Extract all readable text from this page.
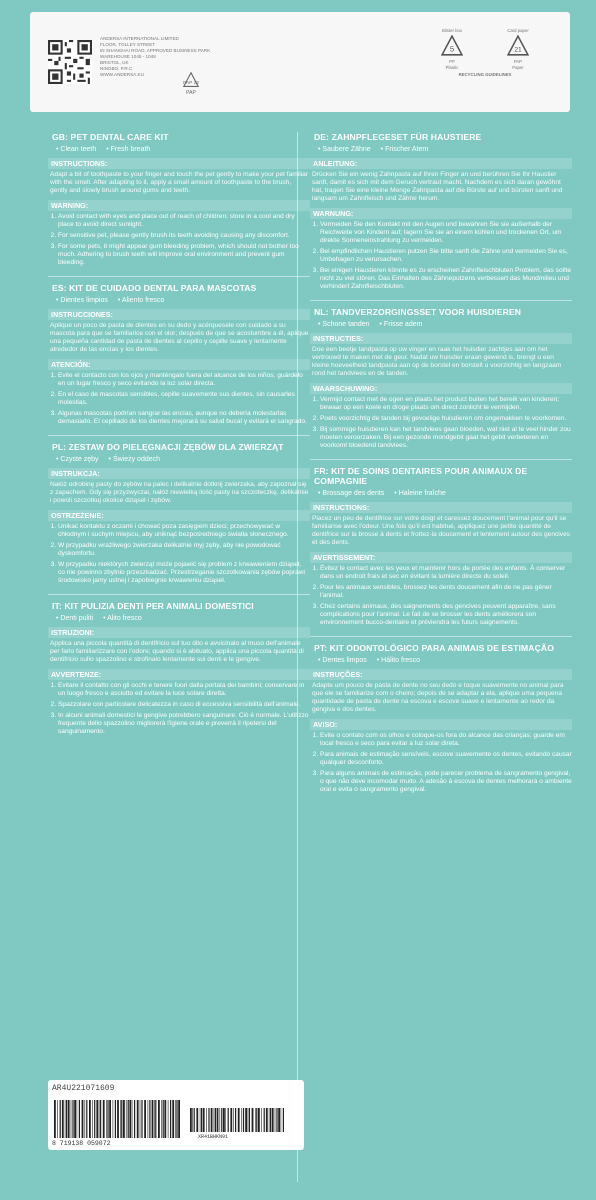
ANDERSA INTERNATIONAL LIMITED
FLOOR, TOLLEY STREET
IN SHANGHAI ROAD, APPROVED BUSINESS PARK
WAREHOUSE 1045 - 1048
BRISTOL, UK
NINGBO, P.R.C
WWW.ANDERSA.EU
PAP 22
PAP
Blister box
5
PP
Plastic
Card paper
21
PAP
Paper
RECYCLING GUIDELINES
GB: PET DENTAL CARE KIT
• Clean teeth • Fresh breath
INSTRUCTIONS:
Adapt a bit of toothpaste to your finger and touch the pet gently to make your pet familiar with the smell. After adapting to it, apply a small amount of toothpaste to the brush, gently and slowly brush around gums and teeth.
WARNING:
1. Avoid contact with eyes and place out of reach of children; store in a cool and dry place to avoid direct sunlight.
2. For sensitive pet, please gently brush its teeth avoiding causing any discomfort.
3. For some pets, it might appear gum bleeding problem, which should not bother too much. Adhering to brush teeth will improve oral environment and prevent gum bleeding.
ES: KIT DE CUIDADO DENTAL PARA MASCOTAS
• Dientes limpios • Aliento fresco
INSTRUCCIONES:
Aplique un poco de pasta de dientes en su dedo y acérquesele con cuidado a su mascota para que se familiarice con el olor; después de que se acostumbre a él, aplique una pequeña cantidad de pasta de dientes al cepillo y cepille suave y lentamente alrededor de las encías y los dientes.
ATENCIÓN:
1. Evite el contacto con los ojos y manténgalo fuera del alcance de los niños; guárdelo en un lugar fresco y seco evitando la luz solar directa.
2. En el caso de mascotas sensibles, cepille suavemente sus dientes, sin causarles molestias.
3. Algunas mascotas podrían sangrar las encías, aunque no debería molestarlas demasiado. El cepillado de los dientes mejorará su salud bucal y evitará el sangrado.
PL: ZESTAW DO PIELĘGNACJI ZĘBÓW DLA ZWIERZĄT
• Czyste zęby • Świeży oddech
INSTRUKCJA:
Nałóż odrobinę pasty do zębów na palec i delikatnie dotknij zwierzaka, aby zapoznał się z zapachem. Gdy się przyzwyczai, nałóż niewielką ilość pasty na szczoteczkę, delikatnie i powoli szczotkuj okolice dziąseł i zębów.
OSTRZEŻENIE:
1. Unikać kontaktu z oczami i chować poza zasięgiem dzieci; przechowywać w chłodnym i suchym miejscu, aby uniknąć bezpośredniego światła słonecznego.
2. W przypadku wrażliwego zwierzaka delikatnie myj zęby, aby nie powodować dyskomfortu.
3. W przypadku niektórych zwierząt może pojawić się problem z krwawieniem dziąseł, co nie powinno zbytnio przeszkadzać. Przestrzeganie szczotkowania zębów poprawi środowisko jamy ustnej i zapobiegnie krwawieniu dziąseł.
IT: KIT PULIZIA DENTI PER ANIMALI DOMESTICI
• Denti puliti • Alito fresco
ISTRUZIONI:
Applica una piccola quantità di dentifricio sul tuo dito e avvicinalo al muso dell'animale per farlo familiarizzare con l'odore; quando si è abituato, applica una piccola quantità di dentifricio sullo spazzolino e strofinalo lentamente sui denti e le gengive.
AVVERTENZE:
1. Evitare il contatto con gli occhi e tenere fuori dalla portata dei bambini; conservare in un luogo fresco e asciutto ed evitare la luce solare diretta.
2. Spazzolare con particolare delicatezza in caso di eccessiva sensibilità dell'animale.
3. In alcuni animali domestici le gengive potrebbero sanguinare. Ciò è normale. L'utilizzo frequente dello spazzolino migliorerà l'igiene orale e preverrà il ripetersi del sanguinamento.
DE: ZAHNPFLEGESET FÜR HAUSTIERE
• Saubere Zähne • Frischer Atem
ANLEITUNG:
Drücken Sie ein wenig Zahnpasta auf Ihren Finger an und berühren Sie Ihr Haustier sanft, damit es sich mit dem Geruch vertraut macht. Nachdem es sich daran gewöhnt hat, tragen Sie eine kleine Menge Zahnpasta auf die Bürste auf und bürsten sanft und langsam um Zahnfleisch und Zähne herum.
WARNUNG:
1. Vermeiden Sie den Kontakt mit den Augen und bewahren Sie sie außerhalb der Reichweite von Kindern auf; lagern Sie sie an einem kühlen und trockenen Ort, um direkte Sonneneinstrahlung zu vermeiden.
2. Bei empfindlichen Haustieren putzen Sie bitte sanft die Zähne und vermeiden Sie es, Unbehagen zu verursachen.
3. Bei einigen Haustieren könnte es zu erscheinen Zahnfleischbluten Problem, das sollte nicht zu viel stören. Das Einhalten des Zähneputzens verbessert das Mundmilieu und verhindert Zahnfleischbluten.
NL: TANDVERZORGINGSSET VOOR HUISDIEREN
• Schone tanden • Frisse adem
INSTRUCTIES:
Doe een beetje tandpasta op uw vinger en raak het huisdier zachtjes aan om het vertrouwd te maken met de geur. Nadat uw huisdier eraan gewend is, brengt u een kleine hoeveelheid tandpasta aan op de borstel en borstelt u voorzichtig en langzaam rond het tandvlees en de tanden.
WAARSCHUWING:
1. Vermijd contact met de ogen en plaats het product buiten het bereik van kinderen; bewaar op een koele en droge plaats om direct zonlicht te vermijden.
2. Poets voorzichtig de tanden bij gevoelige huisdieren om ongemakken te voorkomen.
3. Bij sommige huisdieren kan het tandvlees gaan bloeden, wat niet al te veel hinder zou moeten veroorzaken. Bij een gezonde mondgebit gaat het gebit verbeteren en voorkomt bloedend tandvlees.
FR: KIT DE SOINS DENTAIRES POUR ANIMAUX DE COMPAGNIE
• Brossage des dents • Haleine fraîche
INSTRUCTIONS:
Placez un peu de dentifrice sur votre doigt et caressez doucement l'animal pour qu'il se familiarise avec l'odeur. Une fois qu'il est habitué, appliquez une petite quantité de dentifrice sur la brosse à dents et frottez-la doucement et lentement autour des gencives et des dents.
AVERTISSEMENT:
1. Évitez le contact avec les yeux et maintenir hors de portée des enfants. À conserver dans un endroit frais et sec en évitant la lumière directe du soleil.
2. Pour les animaux sensibles, brossez les dents doucement afin de ne pas gêner l'animal.
3. Chez certains animaux, des saignements des gencives peuvent apparaître, sans complications pour l'animal. Le fait de se brosser les dents améliorera son environnement bucco-dentaire et préviendra les futurs saignements.
PT: KIT ODONTOLÓGICO PARA ANIMAIS DE ESTIMAÇÃO
• Dentes limpos • Hálito fresco
INSTRUÇÕES:
Adapte um pouco de pasta de dente no seu dedo e toque suavemente no animal para que ele se familiarize com o cheiro; depois de se adaptar a ela, aplique uma pequena quantidade de pasta de dente na escova e escove suave e lentamente ao redor da gengiva e dos dentes.
AVISO:
1. Evite o contato com os olhos e coloque-os fora do alcance das crianças; guarde em local fresco e seco para evitar a luz solar direta.
2. Para animais de estimação sensíveis, escove suavemente os dentes, evitando causar qualquer desconforto.
3. Para alguns animais de estimação, pode parecer problema de sangramento gengival, o que não deve incomodar muito. A adesão à escova de dentes melhorará o ambiente oral e evita o sangramento gengival.
AR4U221071609
8 719138 059072
XR41BHKN91
